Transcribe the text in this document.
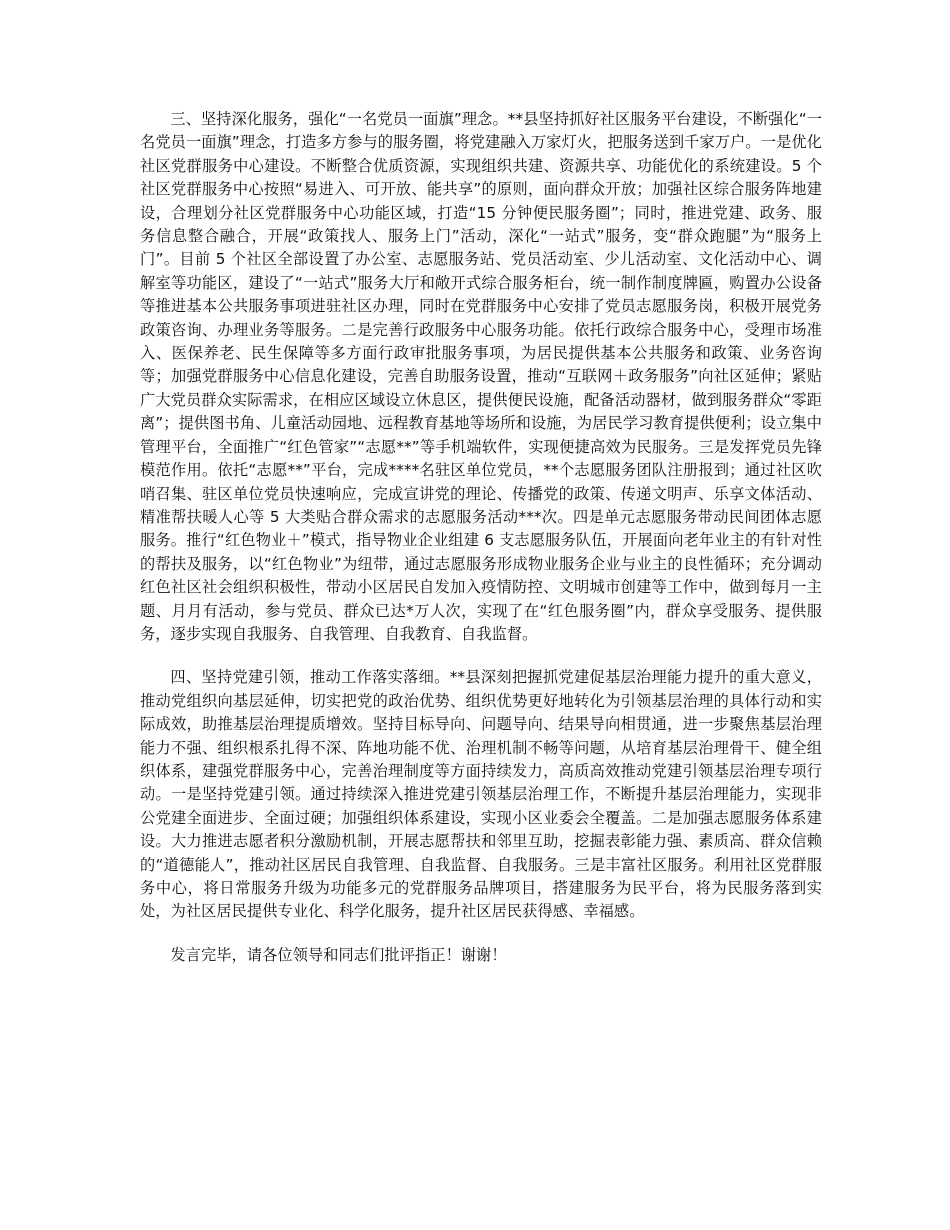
三、坚持深化服务，强化“一名党员一面旗”理念。**县坚持抓好社区服务平台建设，不断强化“一名党员一面旗”理念，打造多方参与的服务圈，将党建融入万家灯火，把服务送到千家万户。一是优化社区党群服务中心建设。不断整合优质资源，实现组织共建、资源共享、功能优化的系统建设。5 个社区党群服务中心按照“易进入、可开放、能共享”的原则，面向群众开放；加强社区综合服务阵地建设，合理划分社区党群服务中心功能区域，打造“15 分钟便民服务圈”；同时，推进党建、政务、服务信息整合融合，开展“政策找人、服务上门”活动，深化“一站式”服务，变“群众跑腿”为“服务上门”。目前 5 个社区全部设置了办公室、志愿服务站、党员活动室、少儿活动室、文化活动中心、调解室等功能区，建设了“一站式”服务大厅和敞开式综合服务柜台，统一制作制度牌匾，购置办公设备等推进基本公共服务事项进驻社区办理，同时在党群服务中心安排了党员志愿服务岗，积极开展党务政策咨询、办理业务等服务。二是完善行政服务中心服务功能。依托行政综合服务中心，受理市场准入、医保养老、民生保障等多方面行政审批服务事项，为居民提供基本公共服务和政策、业务咨询等；加强党群服务中心信息化建设，完善自助服务设置，推动“互联网＋政务服务”向社区延伸；紧贴广大党员群众实际需求，在相应区域设立休息区，提供便民设施，配备活动器材，做到服务群众“零距离”；提供图书角、儿童活动园地、远程教育基地等场所和设施，为居民学习教育提供便利；设立集中管理平台，全面推广“红色管家”“志愿**”等手机端软件，实现便捷高效为民服务。三是发挥党员先锋模范作用。依托“志愿**”平台，完成****名驻区单位党员，**个志愿服务团队注册报到；通过社区吹哨召集、驻区单位党员快速响应，完成宣讲党的理论、传播党的政策、传递文明声、乐享文体活动、精准帮扶暖人心等 5 大类贴合群众需求的志愿服务活动***次。四是单元志愿服务带动民间团体志愿服务。推行“红色物业＋”模式，指导物业企业组建 6 支志愿服务队伍，开展面向老年业主的有针对性的帮扶及服务，以“红色物业”为纽带，通过志愿服务形成物业服务企业与业主的良性循环；充分调动红色社区社会组织积极性，带动小区居民自发加入疫情防控、文明城市创建等工作中，做到每月一主题、月月有活动，参与党员、群众已达*万人次，实现了在“红色服务圈”内，群众享受服务、提供服务，逐步实现自我服务、自我管理、自我教育、自我监督。

四、坚持党建引领，推动工作落实落细。**县深刻把握抓党建促基层治理能力提升的重大意义，推动党组织向基层延伸，切实把党的政治优势、组织优势更好地转化为引领基层治理的具体行动和实际成效，助推基层治理提质增效。坚持目标导向、问题导向、结果导向相贯通，进一步聚焦基层治理能力不强、组织根系扎得不深、阵地功能不优、治理机制不畅等问题，从培育基层治理骨干、健全组织体系，建强党群服务中心，完善治理制度等方面持续发力，高质高效推动党建引领基层治理专项行动。一是坚持党建引领。通过持续深入推进党建引领基层治理工作，不断提升基层治理能力，实现非公党建全面进步、全面过硬；加强组织体系建设，实现小区业委会全覆盖。二是加强志愿服务体系建设。大力推进志愿者积分激励机制，开展志愿帮扶和邻里互助，挖掘表彰能力强、素质高、群众信赖的“道德能人”，推动社区居民自我管理、自我监督、自我服务。三是丰富社区服务。利用社区党群服务中心，将日常服务升级为功能多元的党群服务品牌项目，搭建服务为民平台，将为民服务落到实处，为社区居民提供专业化、科学化服务，提升社区居民获得感、幸福感。

发言完毕，请各位领导和同志们批评指正！谢谢！
